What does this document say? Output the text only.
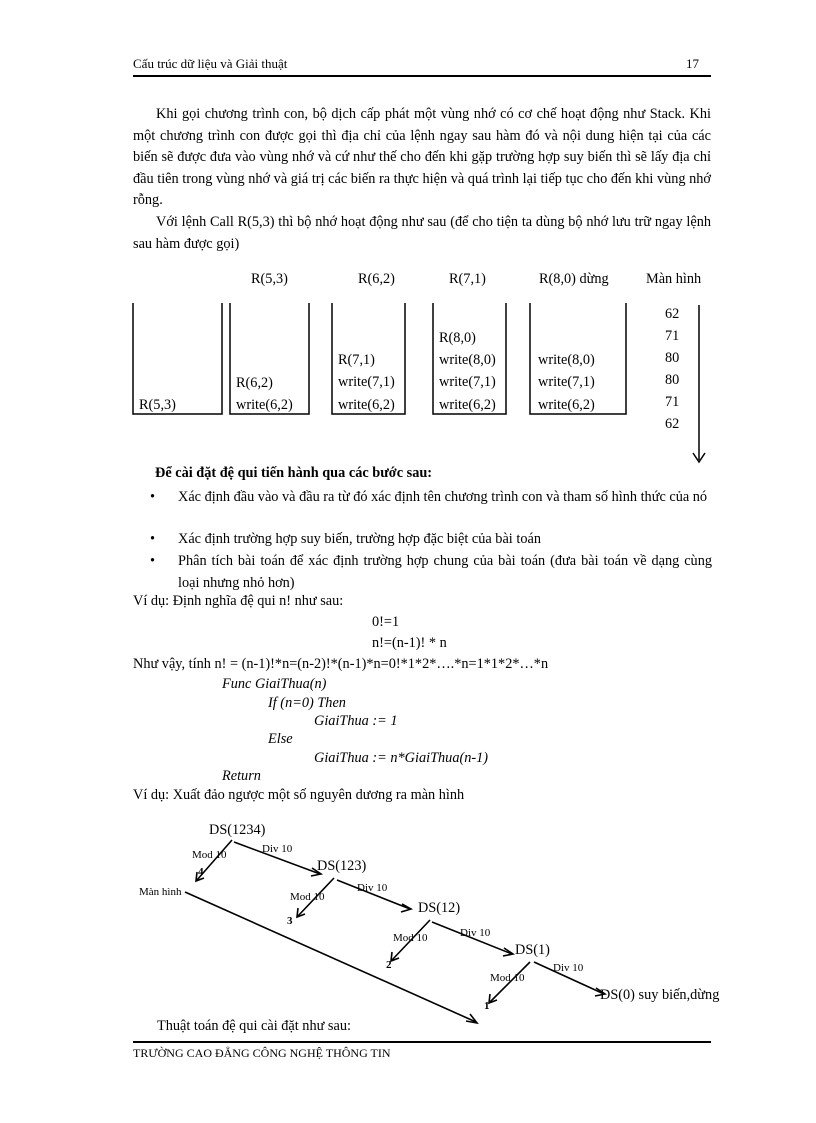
Cấu trúc dữ liệu và Giải thuật	17
Khi gọi chương trình con, bộ dịch cấp phát một vùng nhớ có cơ chế hoạt động như Stack. Khi một chương trình con được gọi thì địa chỉ của lệnh ngay sau hàm đó và nội dung hiện tại của các biến sẽ được đưa vào vùng nhớ và cứ như thế cho đến khi gặp trường hợp suy biến thì sẽ lấy địa chỉ đầu tiên trong vùng nhớ và giá trị các biến ra thực hiện và quá trình lại tiếp tục cho đến khi vùng nhớ rỗng.
Với lệnh Call R(5,3) thì bộ nhớ hoạt động như sau (để cho tiện ta dùng bộ nhớ lưu trữ ngay lệnh sau hàm được gọi)
R(5,3)	R(6,2)	R(7,1)	R(8,0) dừng	Màn hình
R(5,3)
R(6,2)
write(6,2)
R(7,1)
write(7,1)
write(6,2)
R(8,0)
write(8,0)
write(7,1)
write(6,2)
write(8,0)
write(7,1)
write(6,2)
62
71
80
80
71
62
Để cài đặt đệ qui tiến hành qua các bước sau:
• Xác định đầu vào và đầu ra từ đó xác định tên chương trình con và tham số hình thức của nó
• Xác định trường hợp suy biến, trường hợp đặc biệt của bài toán
• Phân tích bài toán để xác định trường hợp chung của bài toán (đưa bài toán về dạng cùng loại nhưng nhỏ hơn)
Ví dụ: Định nghĩa đệ qui n! như sau:
0!=1
n!=(n-1)! * n
Như vậy, tính n! = (n-1)!*n=(n-2)!*(n-1)*n=0!*1*2*….*n=1*1*2*…*n
Func GiaiThua(n)
If (n=0) Then
GiaiThua := 1
Else
GiaiThua := n*GiaiThua(n-1)
Return
Ví dụ: Xuất đảo ngược một số nguyên dương ra màn hình
DS(1234)
DS(123)
DS(12)
DS(1)
DS(0) suy biến,dừng
Mod 10	Div 10
Mod 10
Div 10
Mod 10	Div 10
Mod 10
Div 10
4
3
2
1
Màn hình
Thuật toán đệ qui cài đặt như sau:
TRƯỜNG CAO ĐẲNG CÔNG NGHỆ THÔNG TIN
